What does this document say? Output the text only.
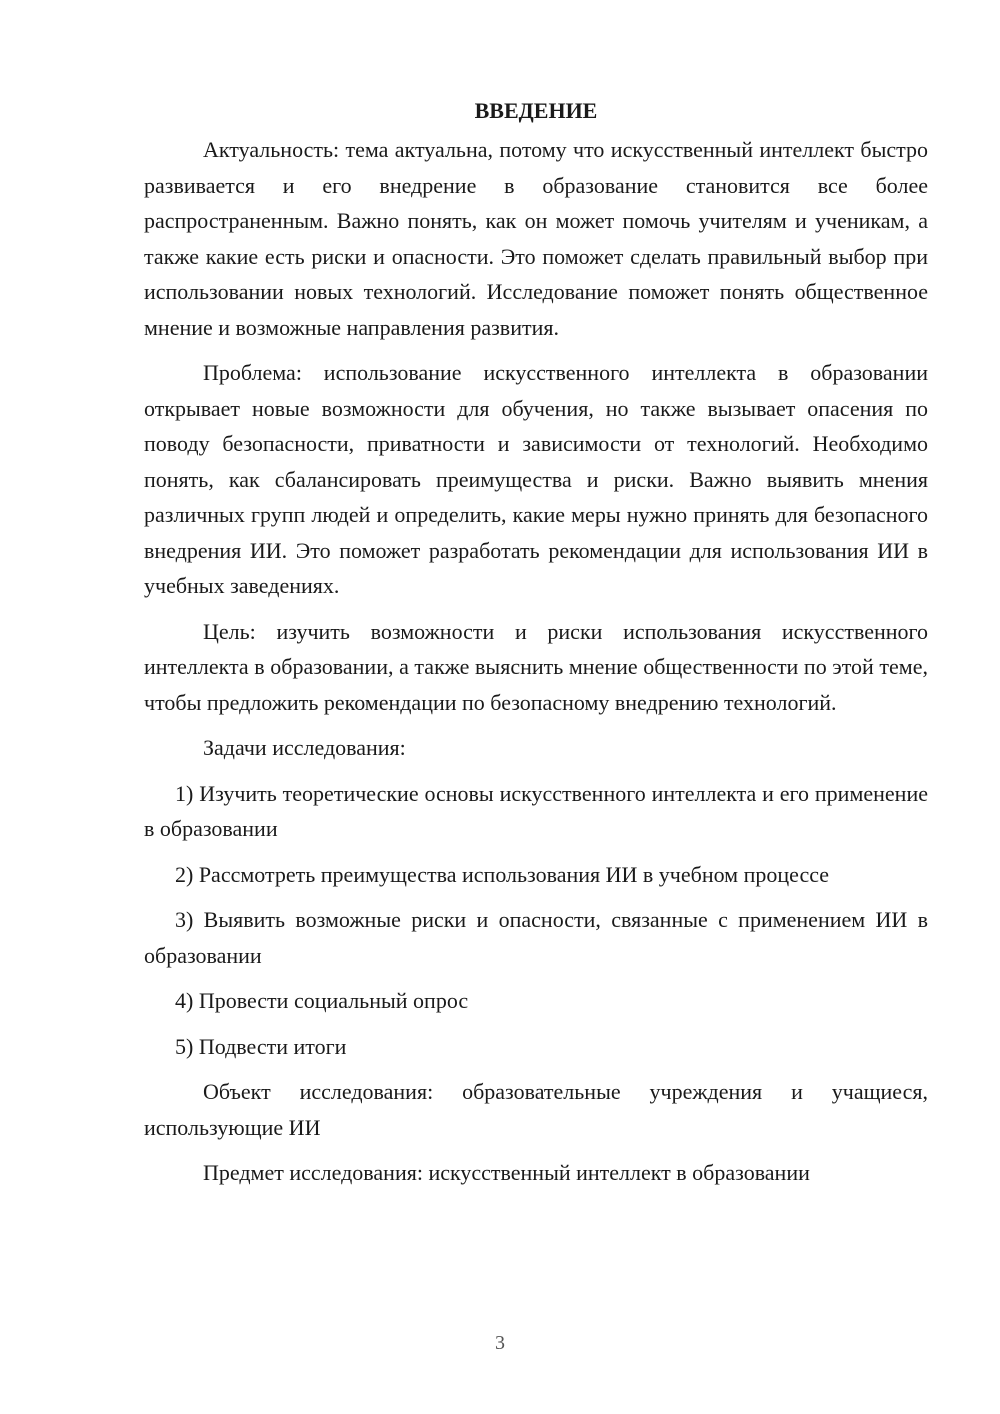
ВВЕДЕНИЕ

Актуальность: тема актуальна, потому что искусственный интеллект быстро развивается и его внедрение в образование становится все более распространенным. Важно понять, как он может помочь учителям и ученикам, а также какие есть риски и опасности. Это поможет сделать правильный выбор при использовании новых технологий. Исследование поможет понять общественное мнение и возможные направления развития.

Проблема: использование искусственного интеллекта в образовании открывает новые возможности для обучения, но также вызывает опасения по поводу безопасности, приватности и зависимости от технологий. Необходимо понять, как сбалансировать преимущества и риски. Важно выявить мнения различных групп людей и определить, какие меры нужно принять для безопасного внедрения ИИ. Это поможет разработать рекомендации для использования ИИ в учебных заведениях.

Цель: изучить возможности и риски использования искусственного интеллекта в образовании, а также выяснить мнение общественности по этой теме, чтобы предложить рекомендации по безопасному внедрению технологий.

Задачи исследования:

1) Изучить теоретические основы искусственного интеллекта и его применение в образовании

2) Рассмотреть преимущества использования ИИ в учебном процессе

3) Выявить возможные риски и опасности, связанные с применением ИИ в образовании

4) Провести социальный опрос

5) Подвести итоги

Объект исследования: образовательные учреждения и учащиеся, использующие ИИ

Предмет исследования: искусственный интеллект в образовании

3
